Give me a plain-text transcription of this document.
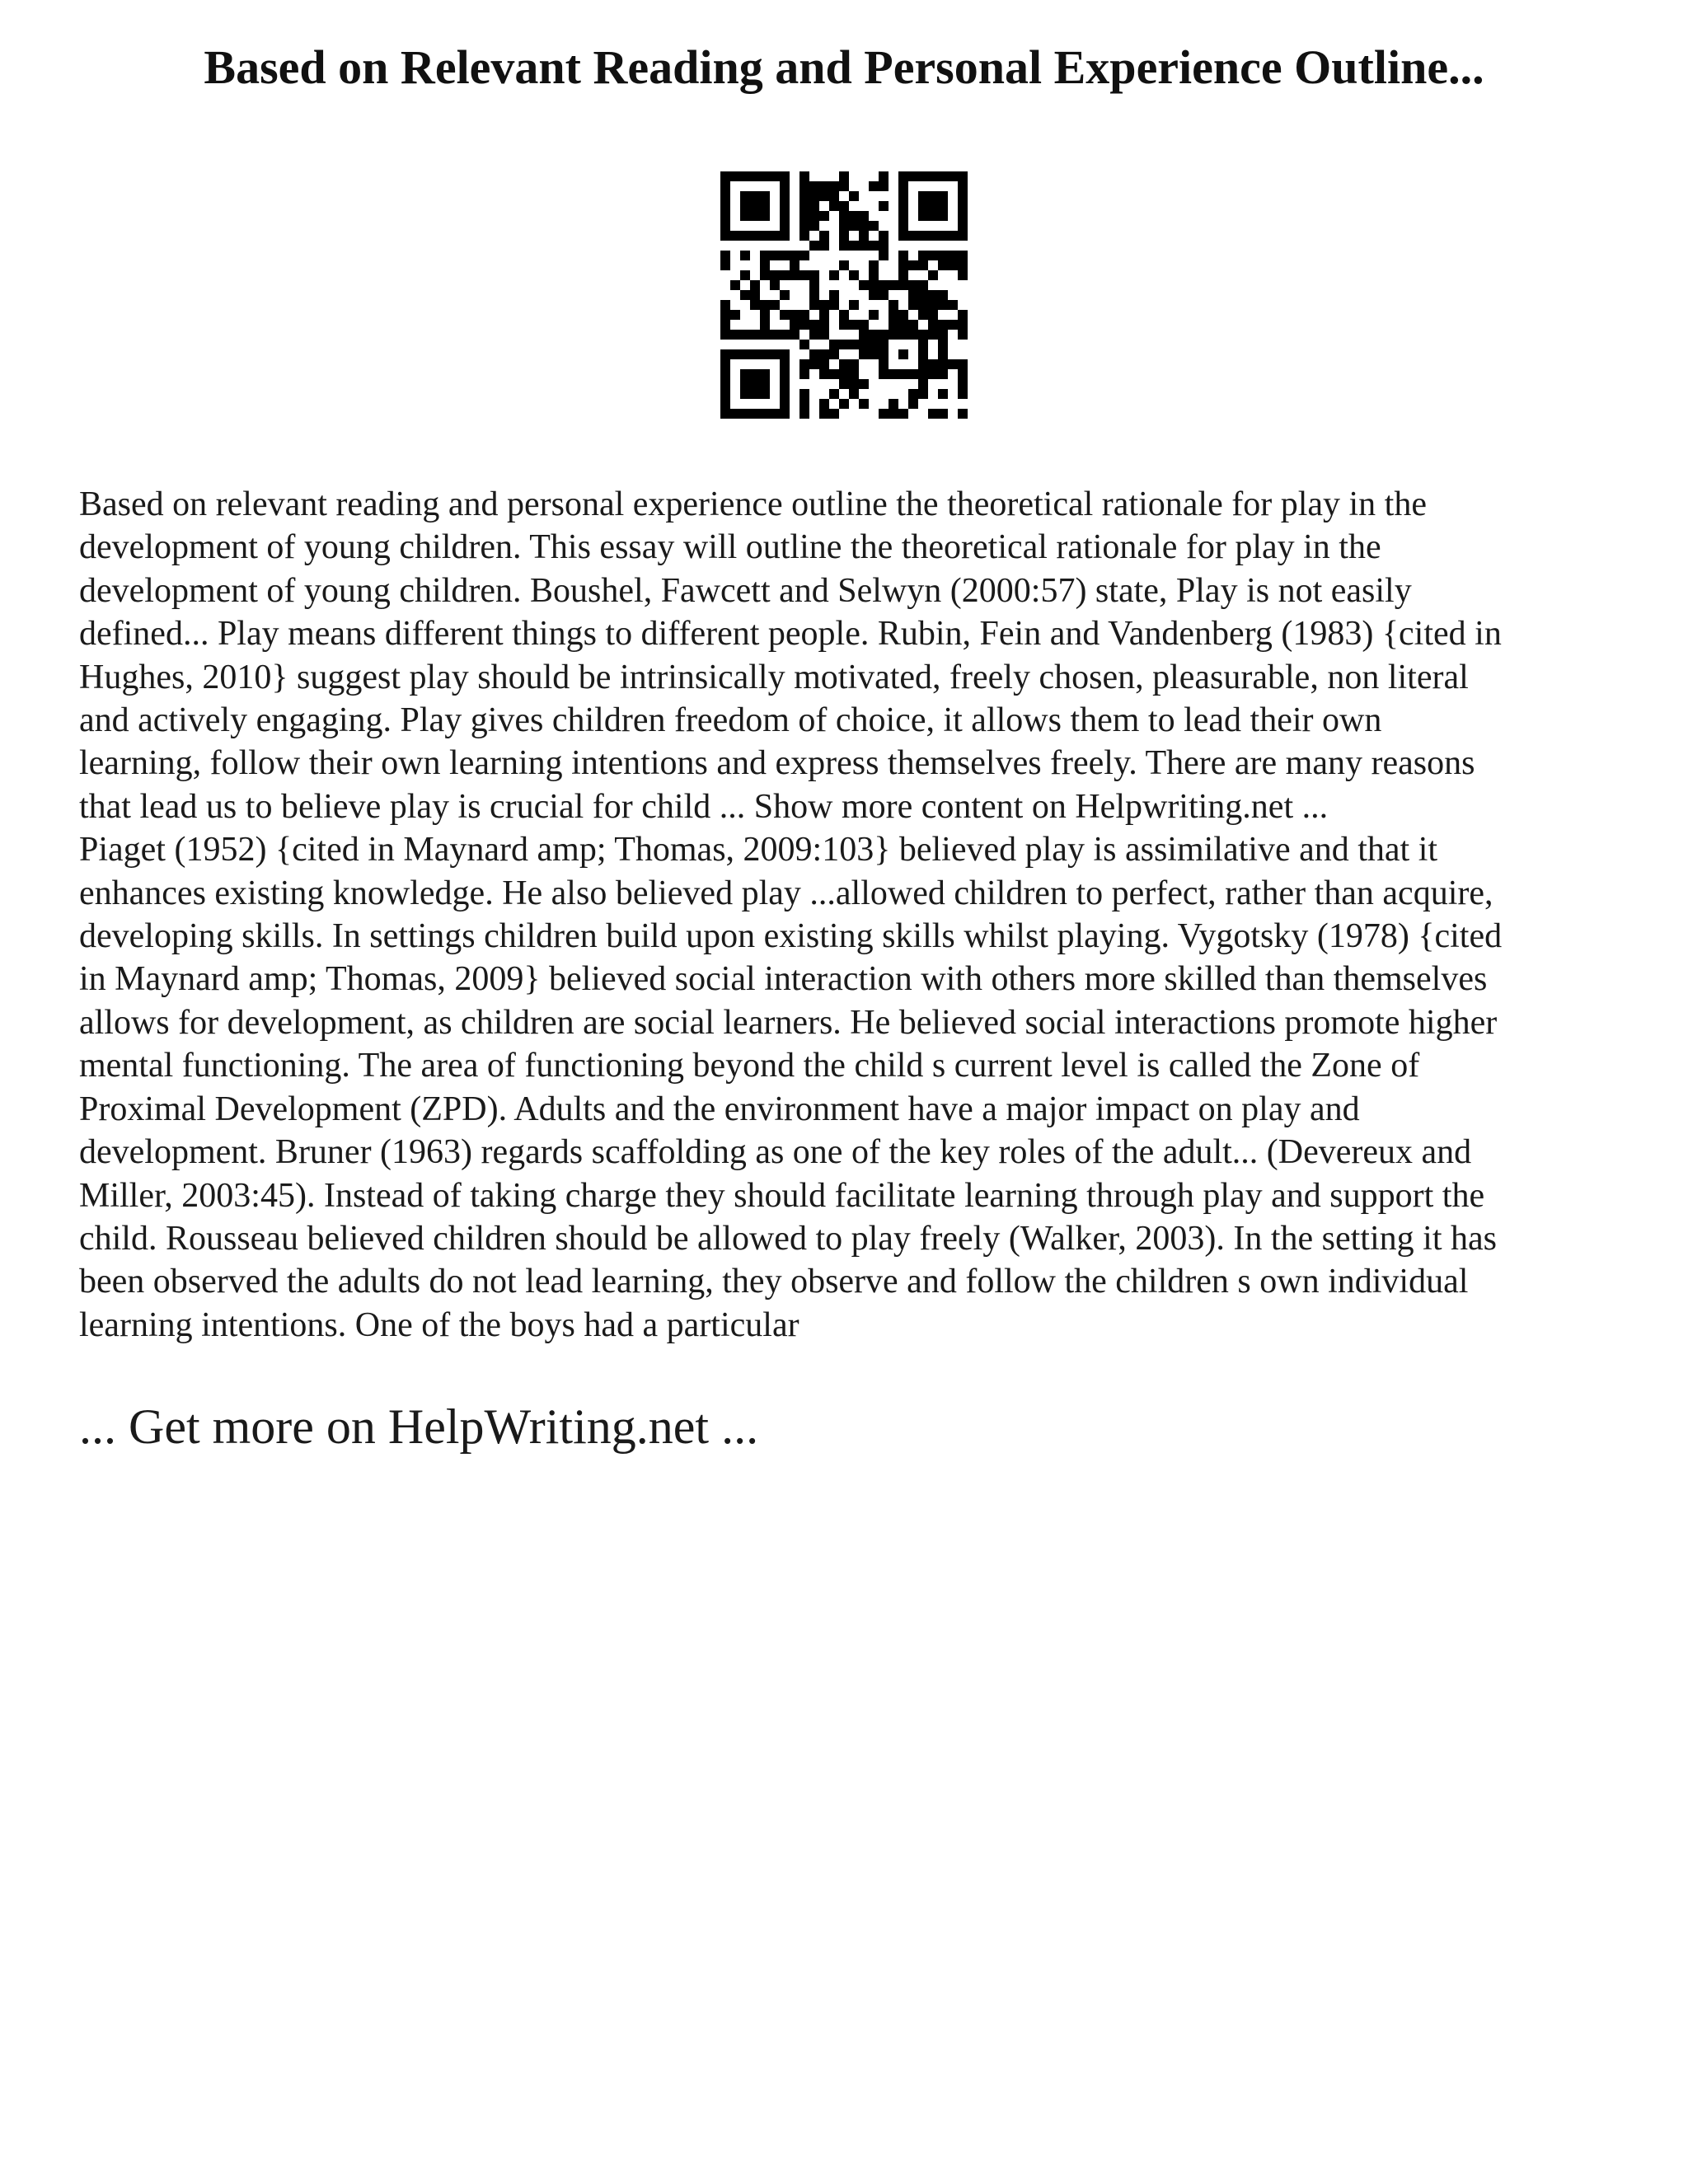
Based on Relevant Reading and Personal Experience Outline...
Based on relevant reading and personal experience outline the theoretical rationale for play in the
development of young children. This essay will outline the theoretical rationale for play in the
development of young children. Boushel, Fawcett and Selwyn (2000:57) state, Play is not easily
defined... Play means different things to different people. Rubin, Fein and Vandenberg (1983) {cited in
Hughes, 2010} suggest play should be intrinsically motivated, freely chosen, pleasurable, non literal
and actively engaging. Play gives children freedom of choice, it allows them to lead their own
learning, follow their own learning intentions and express themselves freely. There are many reasons
that lead us to believe play is crucial for child ... Show more content on Helpwriting.net ...
Piaget (1952) {cited in Maynard amp; Thomas, 2009:103} believed play is assimilative and that it
enhances existing knowledge. He also believed play ...allowed children to perfect, rather than acquire,
developing skills. In settings children build upon existing skills whilst playing. Vygotsky (1978) {cited
in Maynard amp; Thomas, 2009} believed social interaction with others more skilled than themselves
allows for development, as children are social learners. He believed social interactions promote higher
mental functioning. The area of functioning beyond the child s current level is called the Zone of
Proximal Development (ZPD). Adults and the environment have a major impact on play and
development. Bruner (1963) regards scaffolding as one of the key roles of the adult... (Devereux and
Miller, 2003:45). Instead of taking charge they should facilitate learning through play and support the
child. Rousseau believed children should be allowed to play freely (Walker, 2003). In the setting it has
been observed the adults do not lead learning, they observe and follow the children s own individual
learning intentions. One of the boys had a particular
... Get more on HelpWriting.net ...
